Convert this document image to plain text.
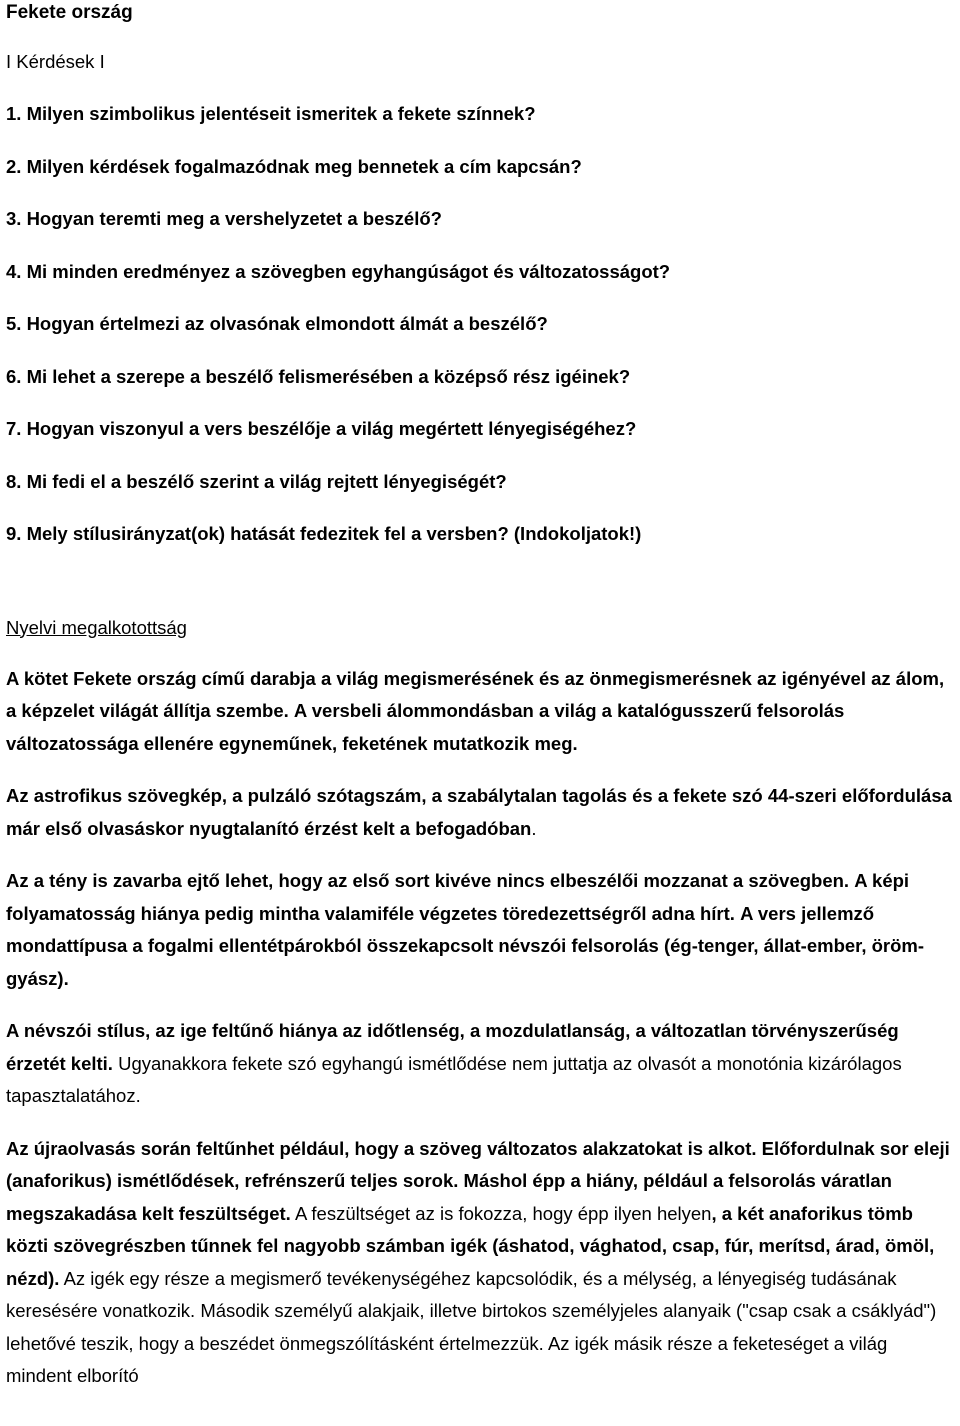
Fekete ország
I Kérdések I
1. Milyen szimbolikus jelentéseit ismeritek a fekete színnek?
2. Milyen kérdések fogalmazódnak meg bennetek a cím kapcsán?
3. Hogyan teremti meg a vershelyzetet a beszélő?
4. Mi minden eredményez a szövegben egyhangúságot és változatosságot?
5. Hogyan értelmezi az olvasónak elmondott álmát a beszélő?
6. Mi lehet a szerepe a beszélő felismerésében a középső rész igéinek?
7. Hogyan viszonyul a vers beszélője a világ megértett lényegiségéhez?
8. Mi fedi el a beszélő szerint a világ rejtett lényegiségét?
9. Mely stílusirányzat(ok) hatását fedezitek fel a versben? (Indokoljatok!)
Nyelvi megalkotottság

A kötet Fekete ország című darabja a világ megismerésének és az önmegismerésnek az igényével az álom, a képzelet világát állítja szembe. A versbeli álommondásban a világ a katalógusszerű felsorolás változatossága ellenére egyneműnek, feketének mutatkozik meg.

Az astrofikus szövegkép, a pulzáló szótagszám, a szabálytalan tagolás és a fekete szó 44-szeri előfordulása már első olvasáskor nyugtalanító érzést kelt a befogadóban.

Az a tény is zavarba ejtő lehet, hogy az első sort kivéve nincs elbeszélői mozzanat a szövegben. A képi folyamatosság hiánya pedig mintha valamiféle végzetes töredezettségről adna hírt. A vers jellemző mondattípusa a fogalmi ellentétpárokból összekapcsolt névszói felsorolás (ég-tenger, állat-ember, öröm-gyász).

A névszói stílus, az ige feltűnő hiánya az időtlenség, a mozdulatlanság, a változatlan törvényszerűség érzetét kelti. Ugyanakkora fekete szó egyhangú ismétlődése nem juttatja az olvasót a monotónia kizárólagos tapasztalatához.

Az újraolvasás során feltűnhet például, hogy a szöveg változatos alakzatokat is alkot. Előfordulnak sor eleji (anaforikus) ismétlődések, refrénszerű teljes sorok. Máshol épp a hiány, például a felsorolás váratlan megszakadása kelt feszültséget. A feszültséget az is fokozza, hogy épp ilyen helyen, a két anaforikus tömb közti szövegrészben tűnnek fel nagyobb számban igék (áshatod, vághatod, csap, fúr, merítsd, árad, ömöl, nézd). Az igék egy része a megismerő tevékenységéhez kapcsolódik, és a mélység, a lényegiség tudásának keresésére vonatkozik. Második személyű alakjaik, illetve birtokos személyjeles alanyaik ("csap csak a csáklyád") lehetővé teszik, hogy a beszédet önmegszólításként értelmezzük. Az igék másik része a feketeséget a világ mindent elborító
